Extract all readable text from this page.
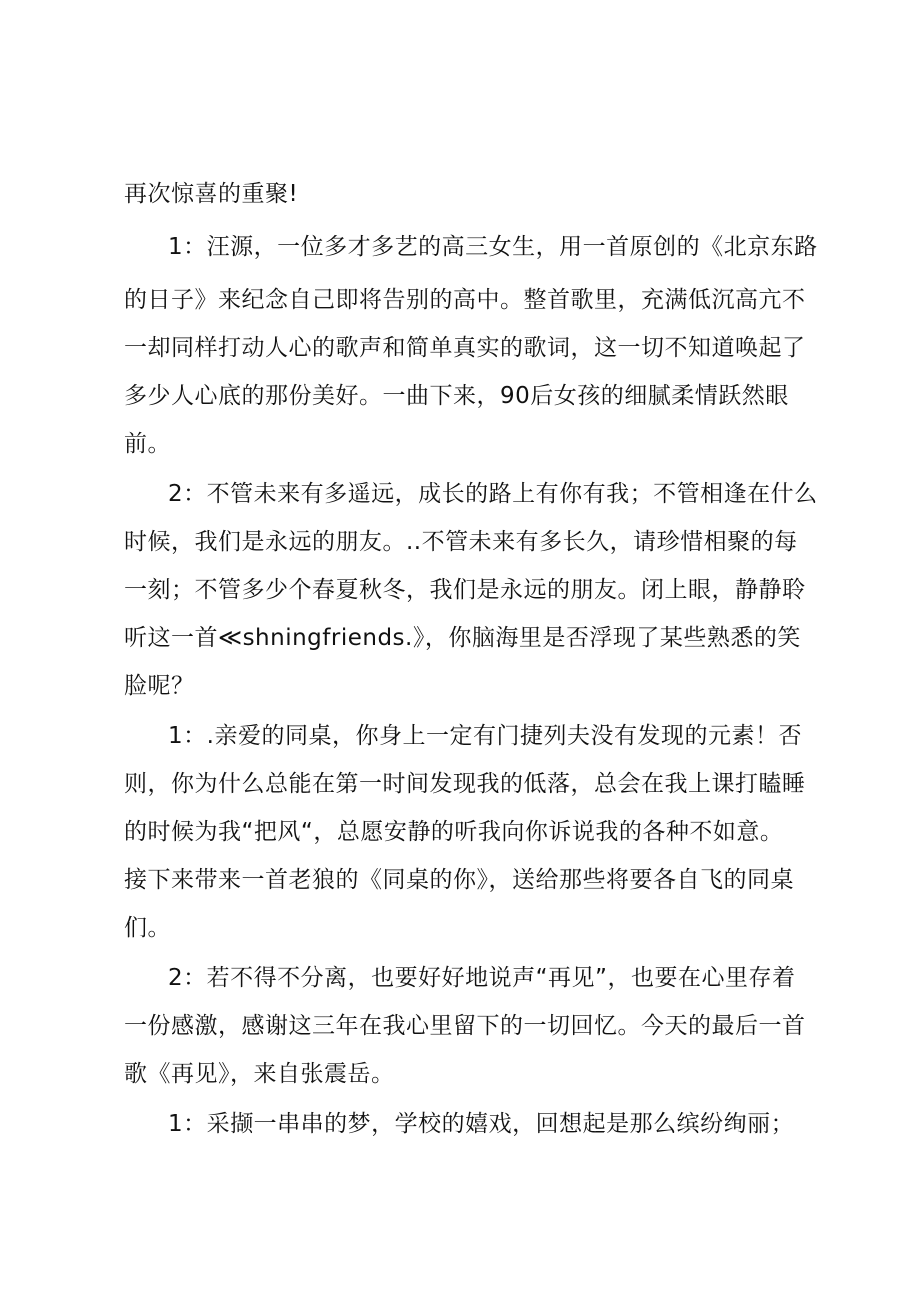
再次惊喜的重聚!
1：汪源，一位多才多艺的高三女生，用一首原创的《北京东路
的日子》来纪念自己即将告别的高中。整首歌里，充满低沉高亢不
一却同样打动人心的歌声和简单真实的歌词，这一切不知道唤起了
多少人心底的那份美好。一曲下来，90后女孩的细腻柔情跃然眼
前。
2：不管未来有多遥远，成长的路上有你有我；不管相逢在什么
时候，我们是永远的朋友。..不管未来有多长久，请珍惜相聚的每
一刻；不管多少个春夏秋冬，我们是永远的朋友。闭上眼，静静聆
听这一首≪shningfriends.》，你脑海里是否浮现了某些熟悉的笑
脸呢？
1：.亲爱的同桌，你身上一定有门捷列夫没有发现的元素！否
则，你为什么总能在第一时间发现我的低落，总会在我上课打瞌睡
的时候为我“把风“，总愿安静的听我向你诉说我的各种不如意。
接下来带来一首老狼的《同桌的你》，送给那些将要各自飞的同桌
们。
2：若不得不分离，也要好好地说声“再见”，也要在心里存着
一份感激，感谢这三年在我心里留下的一切回忆。今天的最后一首
歌《再见》，来自张震岳。
1：采撷一串串的梦，学校的嬉戏，回想起是那么缤纷绚丽；
